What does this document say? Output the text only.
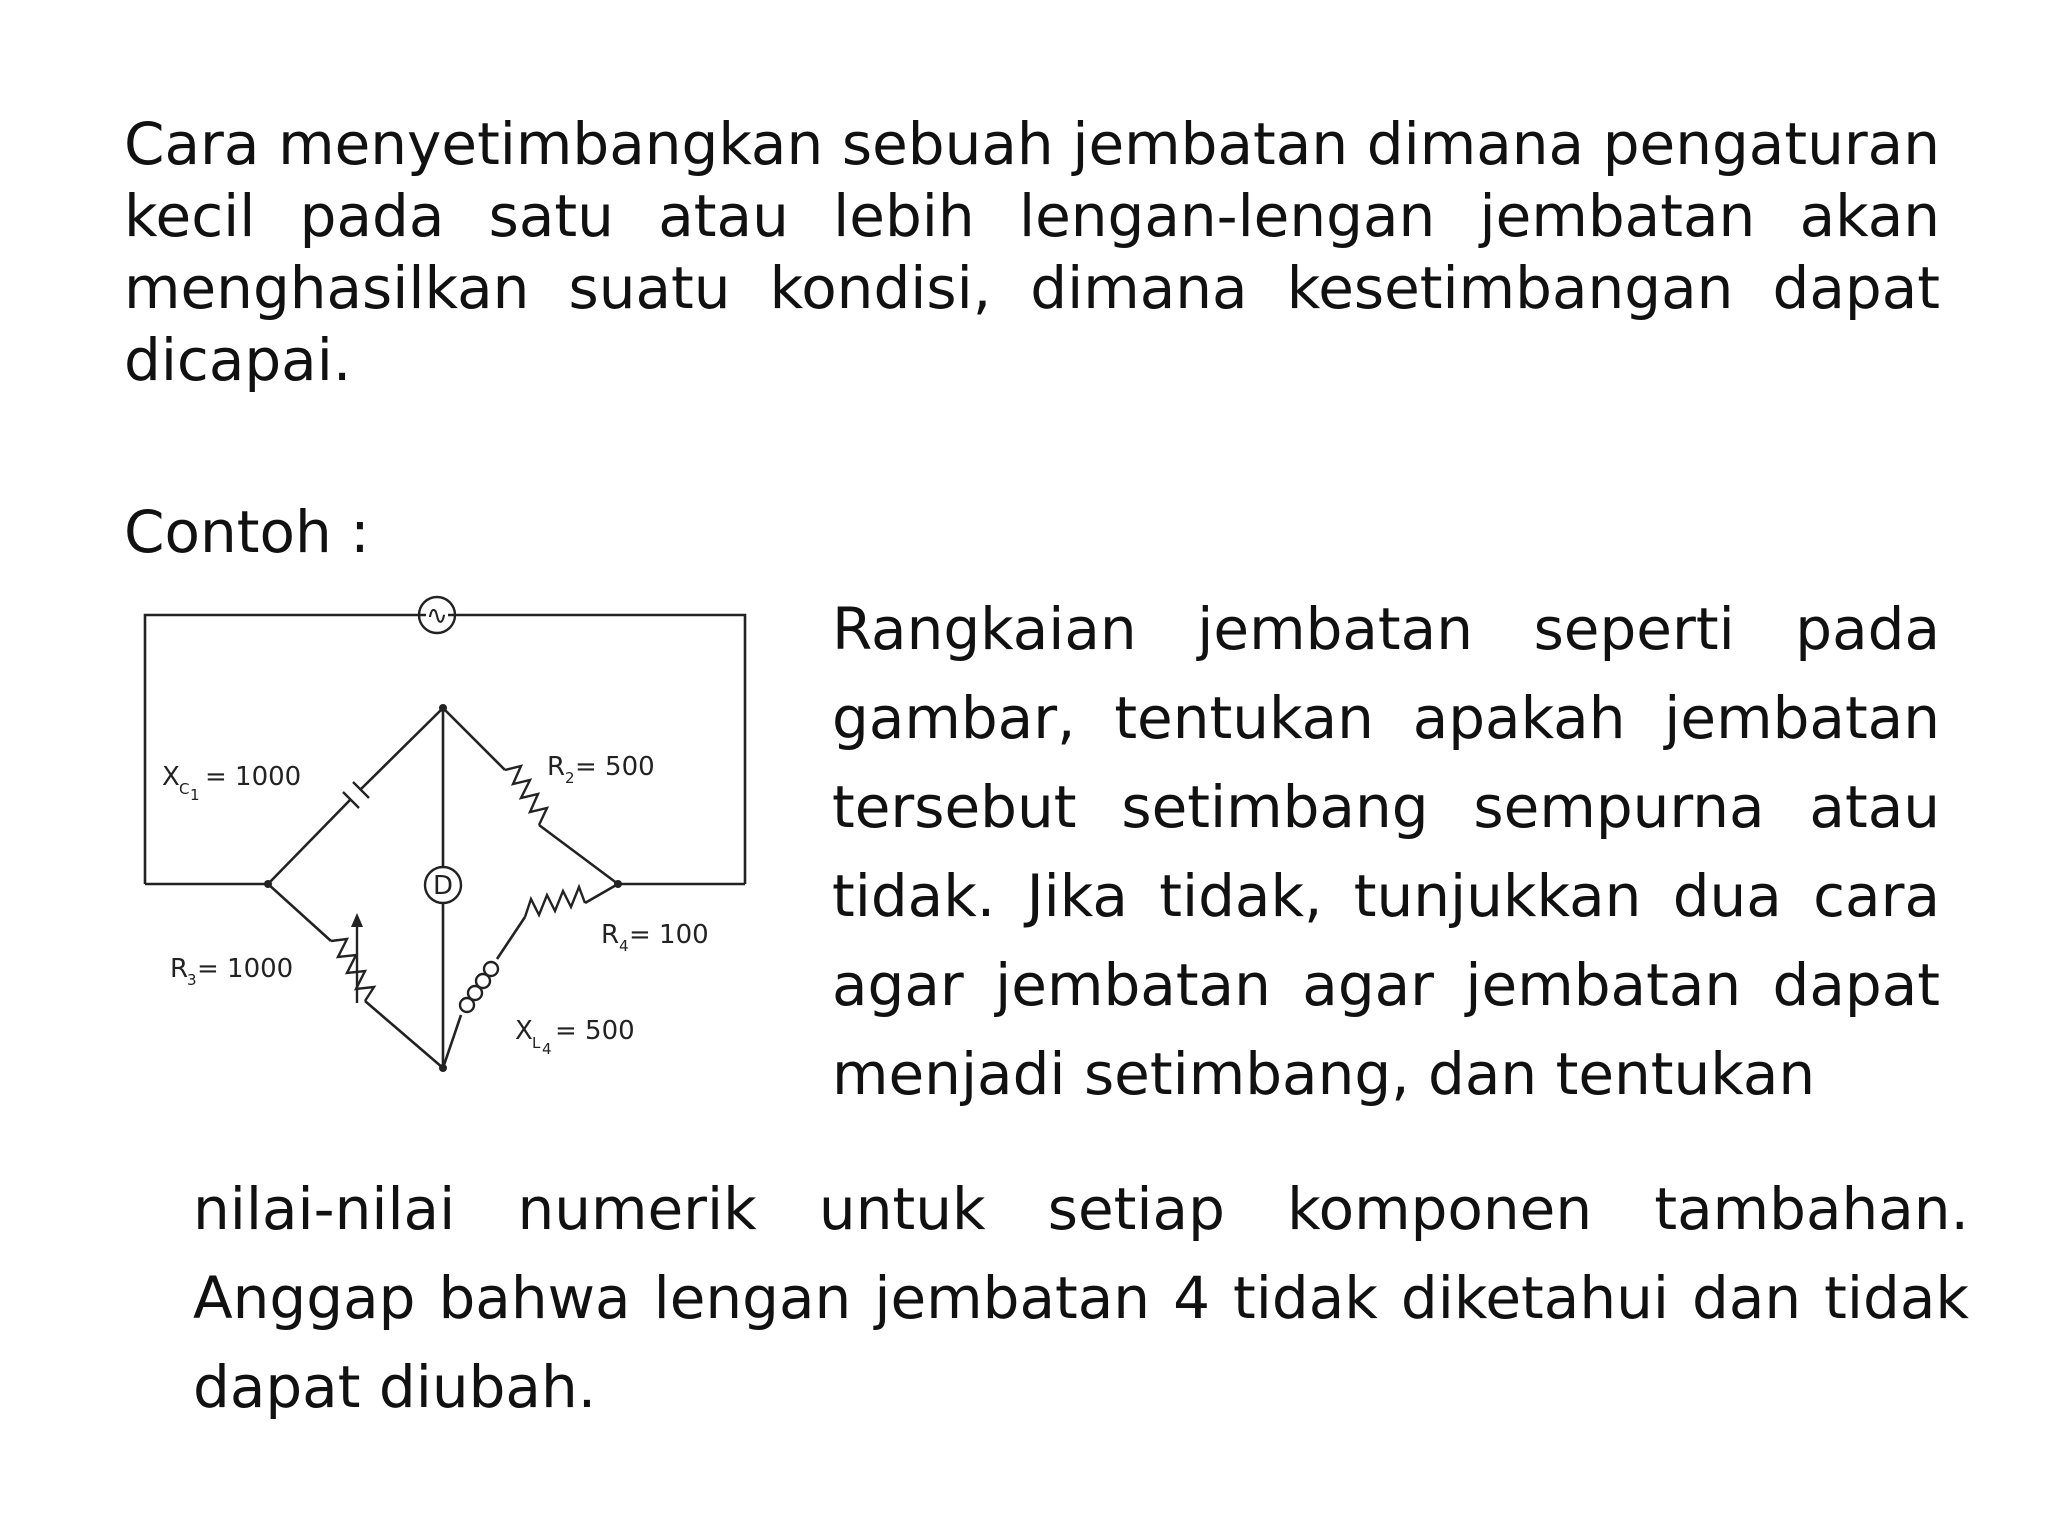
Cara menyetimbangkan sebuah jembatan dimana pengaturan kecil pada satu atau lebih lengan-lengan jembatan akan menghasilkan suatu kondisi, dimana kesetimbangan dapat dicapai.

Contoh :

∿
D
X C 1
= 1000	R 2 = 500
R
3 = 1000
R 4 = 100
X L 4
= 500

Rangkaian jembatan seperti pada gambar, tentukan apakah jembatan tersebut setimbang sempurna atau tidak. Jika tidak, tunjukkan dua cara agar jembatan agar jembatan dapat menjadi setimbang, dan tentukan

nilai-nilai numerik untuk setiap komponen tambahan. Anggap bahwa lengan jembatan 4 tidak diketahui dan tidak dapat diubah.
